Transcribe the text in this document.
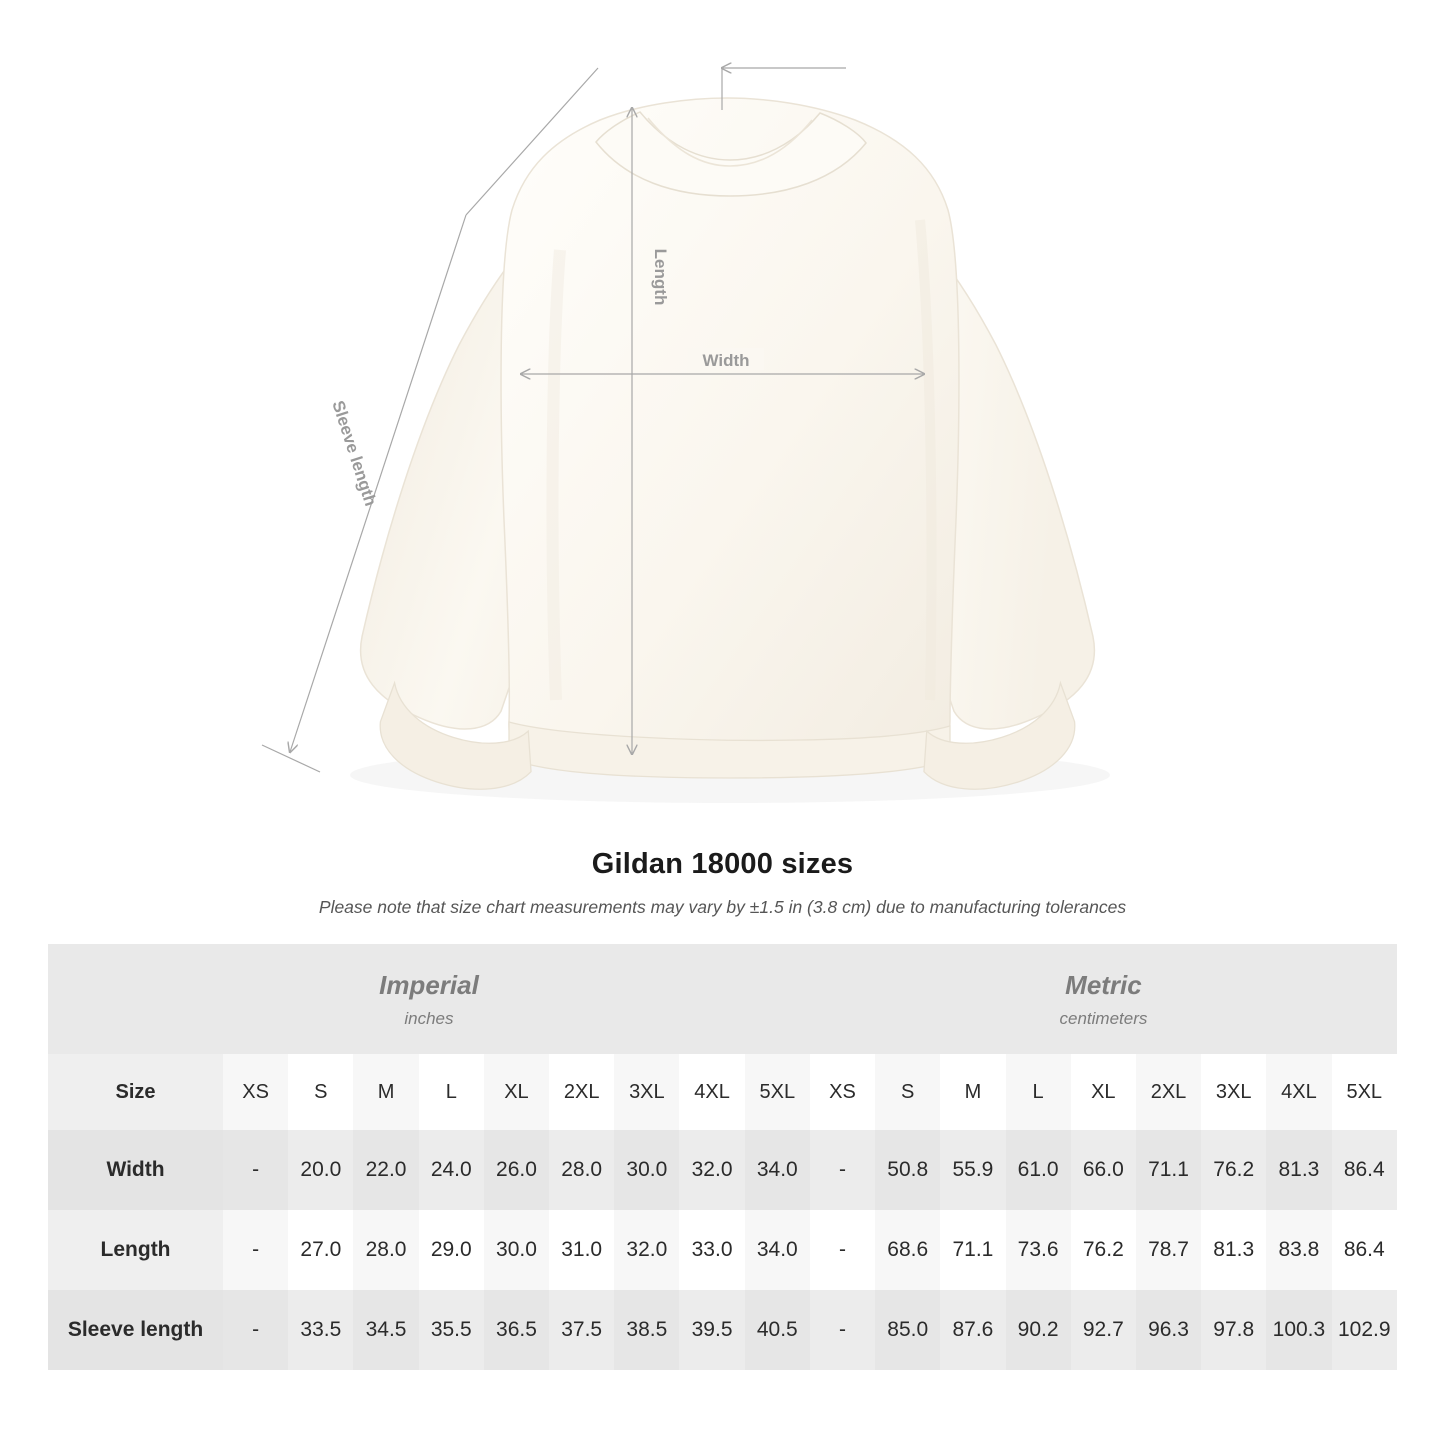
Sleeve length
Length
Width
Gildan 18000 sizes
Please note that size chart measurements may vary by ±1.5 in (3.8 cm) due to manufacturing tolerances
Imperial
inches

Metric
centimeters

Size	XS	S	M	L	XL	2XL	3XL	4XL	5XL	XS	S	M	L	XL	2XL	3XL	4XL	5XL
Width	-	20.0	22.0	24.0	26.0	28.0	30.0	32.0	34.0	-	50.8	55.9	61.0	66.0	71.1	76.2	81.3	86.4
Length	-	27.0	28.0	29.0	30.0	31.0	32.0	33.0	34.0	-	68.6	71.1	73.6	76.2	78.7	81.3	83.8	86.4
Sleeve length	-	33.5	34.5	35.5	36.5	37.5	38.5	39.5	40.5	-	85.0	87.6	90.2	92.7	96.3	97.8	100.3	102.9
